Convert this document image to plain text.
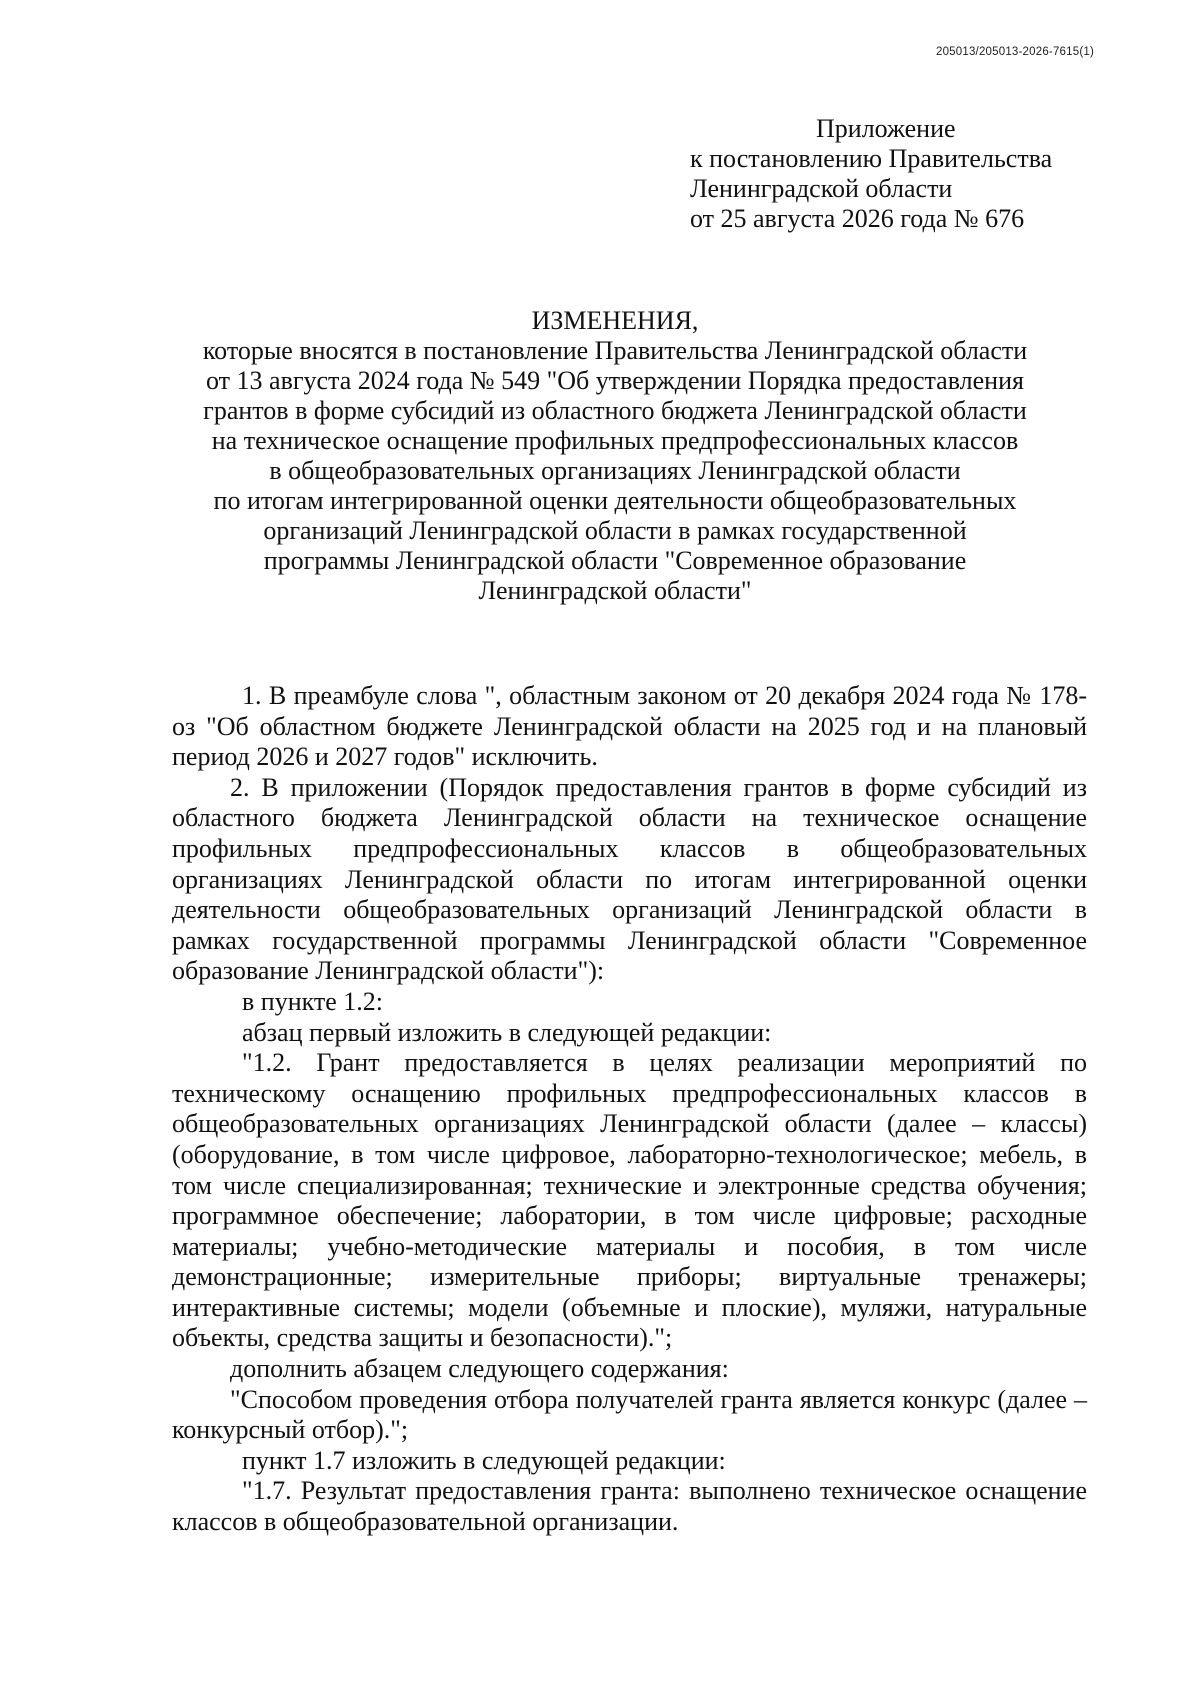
205013/205013-2026-7615(1)
Приложение
к постановлению Правительства
Ленинградской области
от 25 августа 2026 года № 676
ИЗМЕНЕНИЯ,
которые вносятся в постановление Правительства Ленинградской области
от 13 августа 2024 года № 549 "Об утверждении Порядка предоставления
грантов в форме субсидий из областного бюджета Ленинградской области
на техническое оснащение профильных предпрофессиональных классов
в общеобразовательных организациях Ленинградской области
по итогам интегрированной оценки деятельности общеобразовательных
организаций Ленинградской области в рамках государственной
программы Ленинградской области "Современное образование
Ленинградской области"

1. В преамбуле слова ", областным законом от 20 декабря 2024 года № 178-оз "Об областном бюджете Ленинградской области на 2025 год и на плановый период 2026 и 2027 годов" исключить.

2. В приложении (Порядок предоставления грантов в форме субсидий из областного бюджета Ленинградской области на техническое оснащение профильных предпрофессиональных классов в общеобразовательных организациях Ленинградской области по итогам интегрированной оценки деятельности общеобразовательных организаций Ленинградской области в рамках государственной программы Ленинградской области "Современное образование Ленинградской области"):

в пункте 1.2:

абзац первый изложить в следующей редакции:

"1.2. Грант предоставляется в целях реализации мероприятий по техническому оснащению профильных предпрофессиональных классов в общеобразовательных организациях Ленинградской области (далее – классы) (оборудование, в том числе цифровое, лабораторно-технологическое; мебель, в том числе специализированная; технические и электронные средства обучения; программное обеспечение; лаборатории, в том числе цифровые; расходные материалы; учебно-методические материалы и пособия, в том числе демонстрационные; измерительные приборы; виртуальные тренажеры; интерактивные системы; модели (объемные и плоские), муляжи, натуральные объекты, средства защиты и безопасности).";

дополнить абзацем следующего содержания:

"Способом проведения отбора получателей гранта является конкурс (далее – конкурсный отбор).";

пункт 1.7 изложить в следующей редакции:

"1.7. Результат предоставления гранта: выполнено техническое оснащение классов в общеобразовательной организации.
